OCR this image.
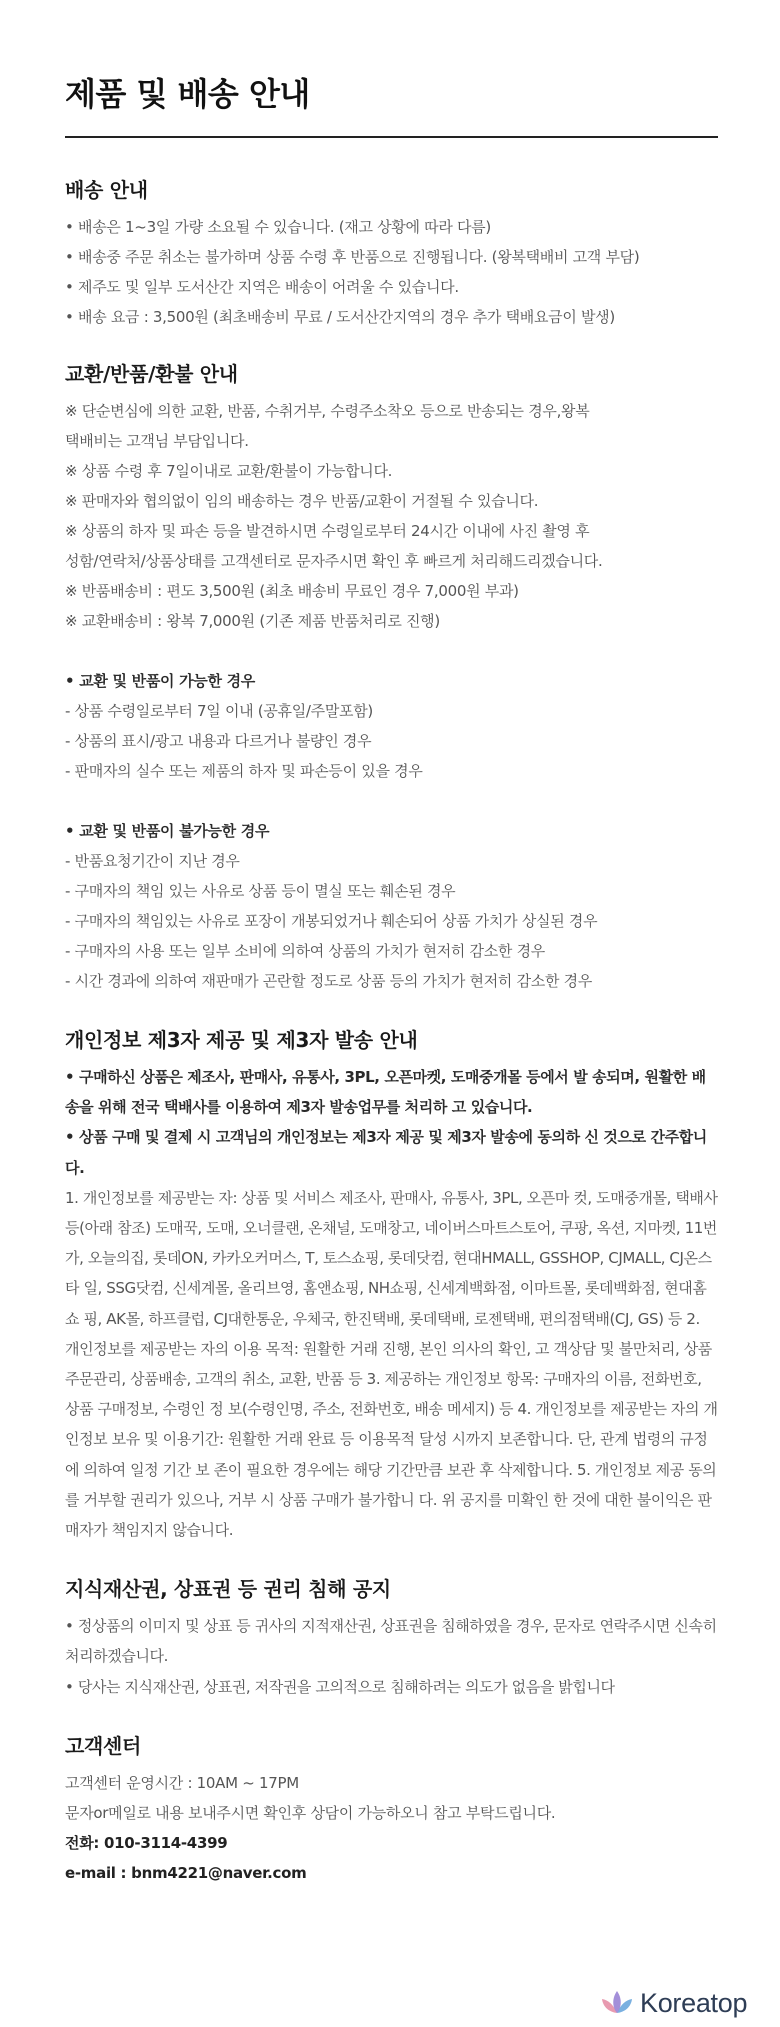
제품 및 배송 안내
배송 안내
• 배송은 1~3일 가량 소요될 수 있습니다. (재고 상황에 따라 다름)
• 배송중 주문 취소는 불가하며 상품 수령 후 반품으로 진행됩니다. (왕복택배비 고객 부담)
• 제주도 및 일부 도서산간 지역은 배송이 어려울 수 있습니다.
• 배송 요금 : 3,500원 (최초배송비 무료 / 도서산간지역의 경우 추가 택배요금이 발생)
교환/반품/환불 안내
※ 단순변심에 의한 교환, 반품, 수취거부, 수령주소착오 등으로 반송되는 경우,왕복
택배비는 고객님 부담입니다.
※ 상품 수령 후 7일이내로 교환/환불이 가능합니다.
※ 판매자와 협의없이 임의 배송하는 경우 반품/교환이 거절될 수 있습니다.
※ 상품의 하자 및 파손 등을 발견하시면 수령일로부터 24시간 이내에 사진 촬영 후
성함/연락처/상품상태를 고객센터로 문자주시면 확인 후 빠르게 처리해드리겠습니다.
※ 반품배송비 : 편도 3,500원 (최초 배송비 무료인 경우 7,000원 부과)
※ 교환배송비 : 왕복 7,000원 (기존 제품 반품처리로 진행)
• 교환 및 반품이 가능한 경우
- 상품 수령일로부터 7일 이내 (공휴일/주말포함)
- 상품의 표시/광고 내용과 다르거나 불량인 경우
- 판매자의 실수 또는 제품의 하자 및 파손등이 있을 경우
• 교환 및 반품이 불가능한 경우
- 반품요청기간이 지난 경우
- 구매자의 책임 있는 사유로 상품 등이 멸실 또는 훼손된 경우
- 구매자의 책임있는 사유로 포장이 개봉되었거나 훼손되어 상품 가치가 상실된 경우
- 구매자의 사용 또는 일부 소비에 의하여 상품의 가치가 현저히 감소한 경우
- 시간 경과에 의하여 재판매가 곤란할 정도로 상품 등의 가치가 현저히 감소한 경우
개인정보 제3자 제공 및 제3자 발송 안내

• 구매하신 상품은 제조사, 판매사, 유통사, 3PL, 오픈마켓, 도매중개몰 등에서 발 송되며, 원활한 배송을 위해 전국 택배사를 이용하여 제3자 발송업무를 처리하 고 있습니다.

• 상품 구매 및 결제 시 고객님의 개인정보는 제3자 제공 및 제3자 발송에 동의하 신 것으로 간주합니다.

1. 개인정보를 제공받는 자: 상품 및 서비스 제조사, 판매사, 유통사, 3PL, 오픈마 컷, 도매중개몰, 택배사 등(아래 참조) 도매꾹, 도매, 오너클랜, 온채널, 도매창고, 네이버스마트스토어, 쿠팡, 옥션, 지마켓, 11번가, 오늘의집, 롯데ON, 카카오커머스, T, 토스쇼핑, 롯데닷컴, 현대HMALL, GSSHOP, CJMALL, CJ온스타 일, SSG닷컴, 신세계몰, 올리브영, 홈앤쇼핑, NH쇼핑, 신세계백화점, 이마트몰, 롯데백화점, 현대홈쇼 핑, AK몰, 하프클럽, CJ대한통운, 우체국, 한진택배, 롯데택배, 로젠택배, 편의점택배(CJ, GS) 등 2. 개인정보를 제공받는 자의 이용 목적: 원활한 거래 진행, 본인 의사의 확인, 고 객상담 및 불만처리, 상품 주문관리, 상품배송, 고객의 취소, 교환, 반품 등 3. 제공하는 개인정보 항목: 구매자의 이름, 전화번호, 상품 구매정보, 수령인 정 보(수령인명, 주소, 전화번호, 배송 메세지) 등 4. 개인정보를 제공받는 자의 개인정보 보유 및 이용기간: 원활한 거래 완료 등 이용목적 달성 시까지 보존합니다. 단, 관계 법령의 규정에 의하여 일정 기간 보 존이 필요한 경우에는 해당 기간만큼 보관 후 삭제합니다. 5. 개인정보 제공 동의를 거부할 권리가 있으나, 거부 시 상품 구매가 불가합니 다. 위 공지를 미확인 한 것에 대한 불이익은 판매자가 책임지지 않습니다.

지식재산권, 상표권 등 권리 침해 공지

• 정상품의 이미지 및 상표 등 귀사의 지적재산권, 상표권을 침해하였을 경우, 문자로 연락주시면 신속히 처리하겠습니다.

• 당사는 지식재산권, 상표권, 저작권을 고의적으로 침해하려는 의도가 없음을 밝힙니다

고객센터
고객센터 운영시간 : 10AM ~ 17PM
문자or메일로 내용 보내주시면 확인후 상담이 가능하오니 참고 부탁드립니다.
전화: 010-3114-4399
e-mail : bnm4221@naver.com
Koreatop
